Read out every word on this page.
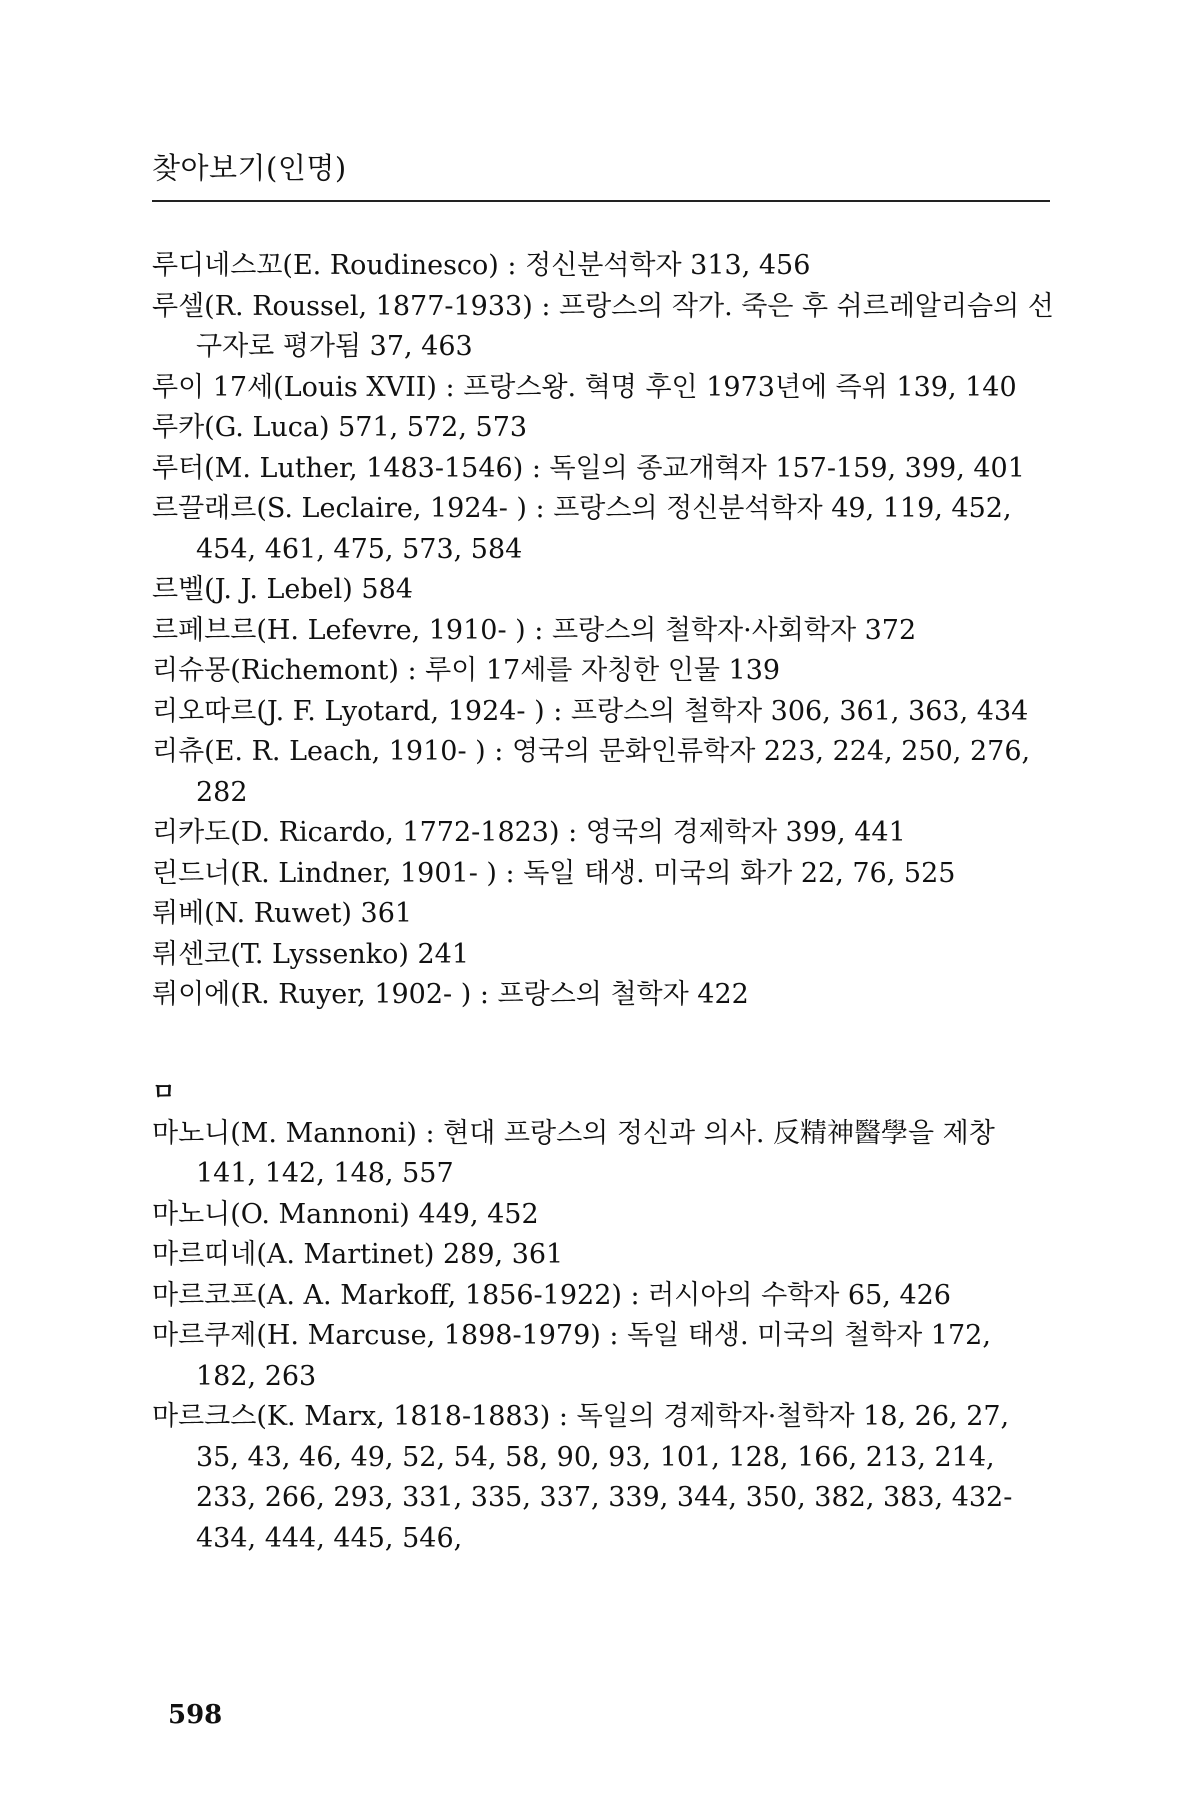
찾아보기(인명)

루디네스꼬(E. Roudinesco) : 정신분석학자 313, 456

루셀(R. Roussel, 1877-1933) : 프랑스의 작가. 죽은 후 쉬르레알리슴의 선구자로 평가됨 37, 463

루이 17세(Louis XVII) : 프랑스왕. 혁명 후인 1973년에 즉위 139, 140

루카(G. Luca) 571, 572, 573

루터(M. Luther, 1483-1546) : 독일의 종교개혁자 157-159, 399, 401

르끌래르(S. Leclaire, 1924- ) : 프랑스의 정신분석학자 49, 119, 452, 454, 461, 475, 573, 584

르벨(J. J. Lebel) 584

르페브르(H. Lefevre, 1910- ) : 프랑스의 철학자·사회학자 372

리슈몽(Richemont) : 루이 17세를 자칭한 인물 139

리오따르(J. F. Lyotard, 1924- ) : 프랑스의 철학자 306, 361, 363, 434

리츄(E. R. Leach, 1910- ) : 영국의 문화인류학자 223, 224, 250, 276, 282

리카도(D. Ricardo, 1772-1823) : 영국의 경제학자 399, 441

린드너(R. Lindner, 1901- ) : 독일 태생. 미국의 화가 22, 76, 525

뤼베(N. Ruwet) 361

뤼센코(T. Lyssenko) 241

뤼이에(R. Ruyer, 1902- ) : 프랑스의 철학자 422

ㅁ

마노니(M. Mannoni) : 현대 프랑스의 정신과 의사. 反精神醫學을 제창 141, 142, 148, 557

마노니(O. Mannoni) 449, 452

마르띠네(A. Martinet) 289, 361

마르코프(A. A. Markoff, 1856-1922) : 러시아의 수학자 65, 426

마르쿠제(H. Marcuse, 1898-1979) : 독일 태생. 미국의 철학자 172, 182, 263

마르크스(K. Marx, 1818-1883) : 독일의 경제학자·철학자 18, 26, 27, 35, 43, 46, 49, 52, 54, 58, 90, 93, 101, 128, 166, 213, 214, 233, 266, 293, 331, 335, 337, 339, 344, 350, 382, 383, 432-434, 444, 445, 546,

598
